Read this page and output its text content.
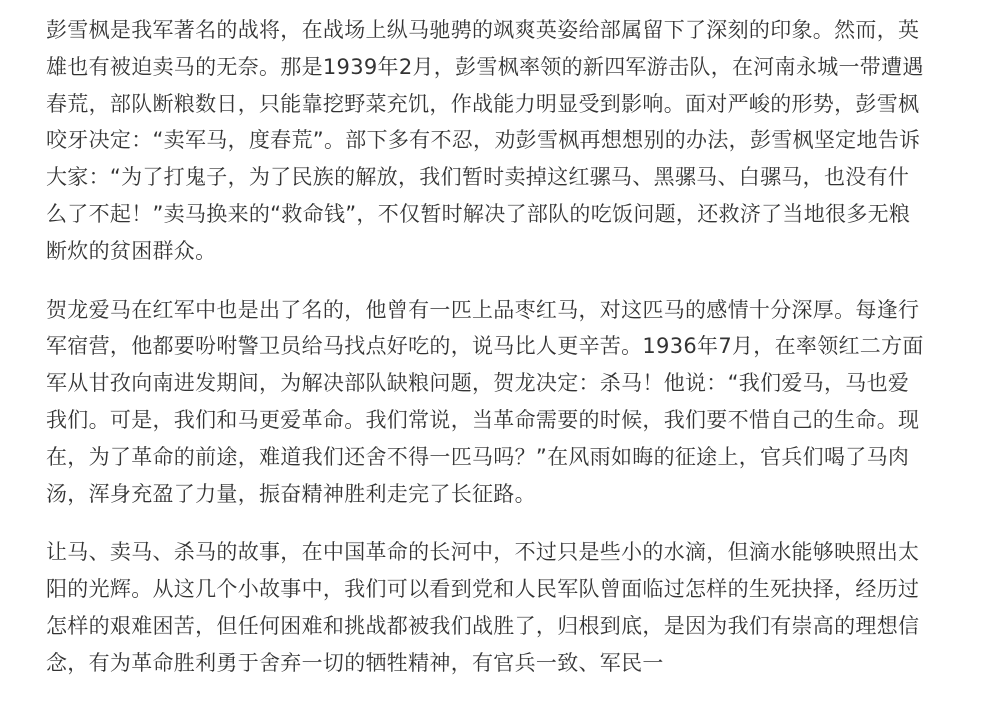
彭雪枫是我军著名的战将，在战场上纵马驰骋的飒爽英姿给部属留下了深刻的印象。然而，英雄也有被迫卖马的无奈。那是1939年2月，彭雪枫率领的新四军游击队，在河南永城一带遭遇春荒，部队断粮数日，只能靠挖野菜充饥，作战能力明显受到影响。面对严峻的形势，彭雪枫咬牙决定：“卖军马，度春荒”。部下多有不忍，劝彭雪枫再想想别的办法，彭雪枫坚定地告诉大家：“为了打鬼子，为了民族的解放，我们暂时卖掉这红骡马、黑骡马、白骡马，也没有什么了不起！”卖马换来的“救命钱”，不仅暂时解决了部队的吃饭问题，还救济了当地很多无粮断炊的贫困群众。

贺龙爱马在红军中也是出了名的，他曾有一匹上品枣红马，对这匹马的感情十分深厚。每逢行军宿营，他都要吩咐警卫员给马找点好吃的，说马比人更辛苦。1936年7月，在率领红二方面军从甘孜向南进发期间，为解决部队缺粮问题，贺龙决定：杀马！他说：“我们爱马，马也爱我们。可是，我们和马更爱革命。我们常说，当革命需要的时候，我们要不惜自己的生命。现在，为了革命的前途，难道我们还舍不得一匹马吗？”在风雨如晦的征途上，官兵们喝了马肉汤，浑身充盈了力量，振奋精神胜利走完了长征路。

让马、卖马、杀马的故事，在中国革命的长河中，不过只是些小的水滴，但滴水能够映照出太阳的光辉。从这几个小故事中，我们可以看到党和人民军队曾面临过怎样的生死抉择，经历过怎样的艰难困苦，但任何困难和挑战都被我们战胜了，归根到底，是因为我们有崇高的理想信念，有为革命胜利勇于舍弃一切的牺牲精神，有官兵一致、军民一
